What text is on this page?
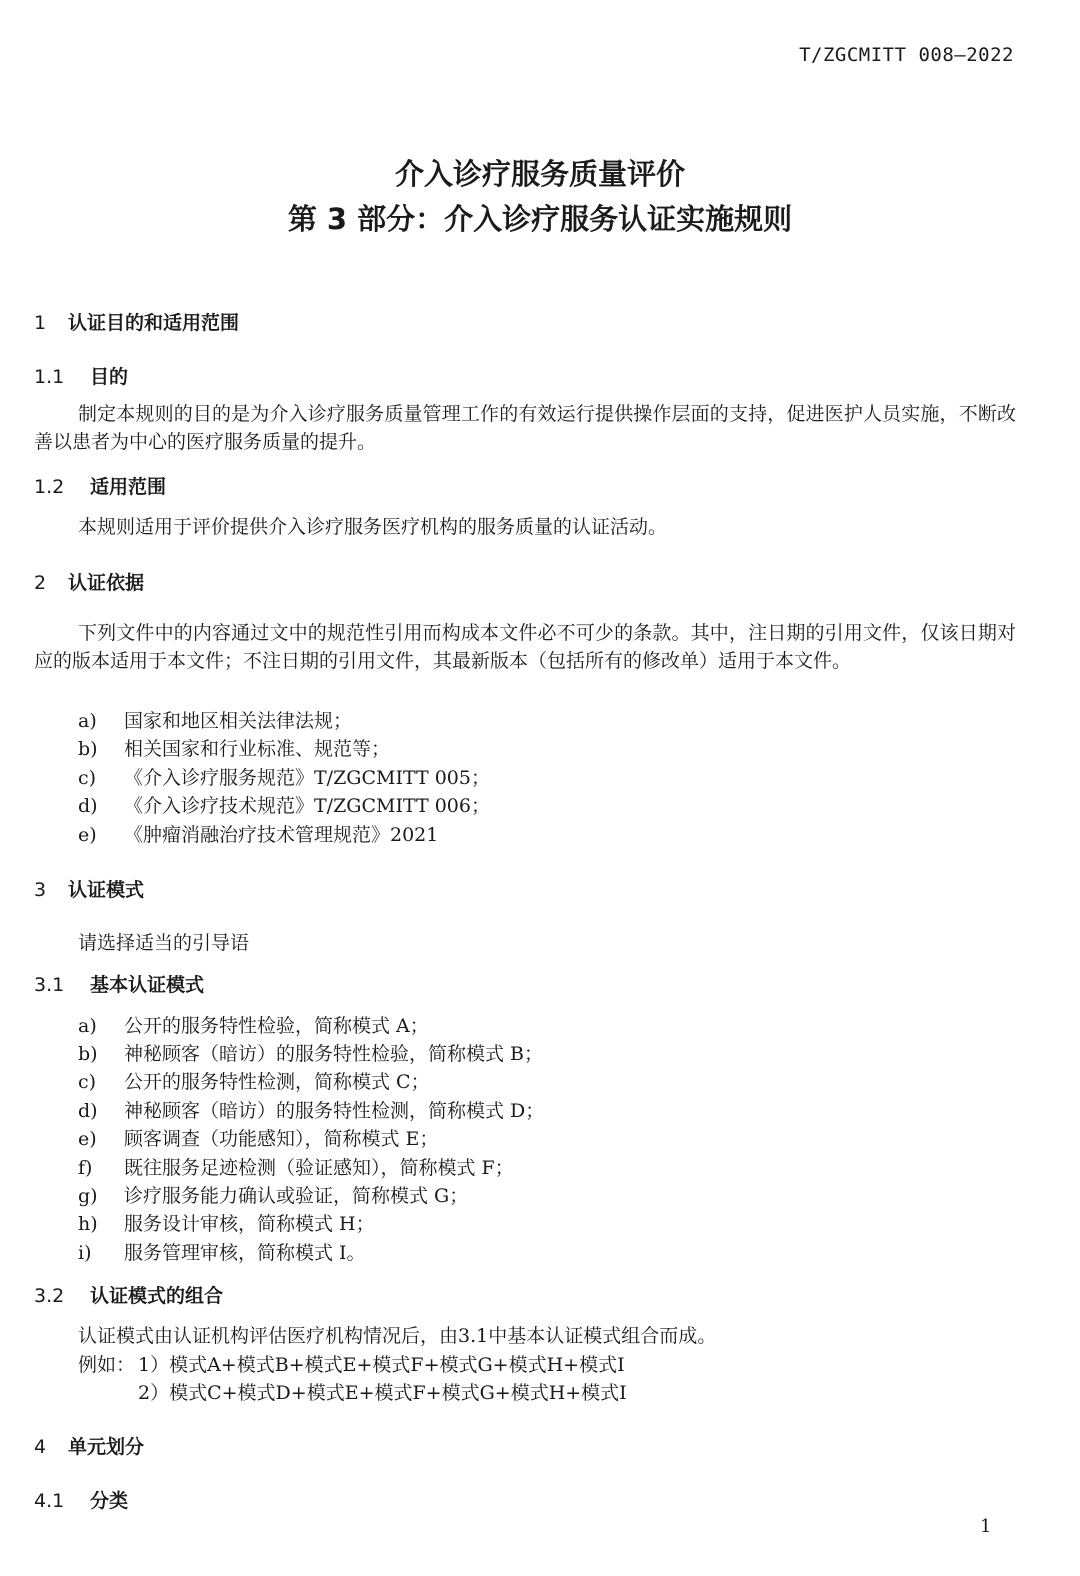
T/ZGCMITT 008—2022
介入诊疗服务质量评价
第 3 部分：介入诊疗服务认证实施规则
1 认证目的和适用范围
1.1 目的
制定本规则的目的是为介入诊疗服务质量管理工作的有效运行提供操作层面的支持，促进医护人员实施，不断改善以患者为中心的医疗服务质量的提升。
1.2 适用范围
本规则适用于评价提供介入诊疗服务医疗机构的服务质量的认证活动。
2 认证依据
下列文件中的内容通过文中的规范性引用而构成本文件必不可少的条款。其中，注日期的引用文件，仅该日期对应的版本适用于本文件；不注日期的引用文件，其最新版本（包括所有的修改单）适用于本文件。
a) 国家和地区相关法律法规；
b) 相关国家和行业标准、规范等；
c) 《介入诊疗服务规范》T/ZGCMITT 005；
d) 《介入诊疗技术规范》T/ZGCMITT 006；
e) 《肿瘤消融治疗技术管理规范》2021
3 认证模式
请选择适当的引导语
3.1 基本认证模式
a) 公开的服务特性检验，简称模式 A；
b) 神秘顾客（暗访）的服务特性检验，简称模式 B；
c) 公开的服务特性检测，简称模式 C；
d) 神秘顾客（暗访）的服务特性检测，简称模式 D；
e) 顾客调查（功能感知），简称模式 E；
f) 既往服务足迹检测（验证感知），简称模式 F；
g) 诊疗服务能力确认或验证，简称模式 G；
h) 服务设计审核，简称模式 H；
i) 服务管理审核，简称模式 I。
3.2 认证模式的组合
认证模式由认证机构评估医疗机构情况后，由3.1中基本认证模式组合而成。
例如： 1）模式A+模式B+模式E+模式F+模式G+模式H+模式I
2）模式C+模式D+模式E+模式F+模式G+模式H+模式I
4 单元划分
4.1 分类
1
